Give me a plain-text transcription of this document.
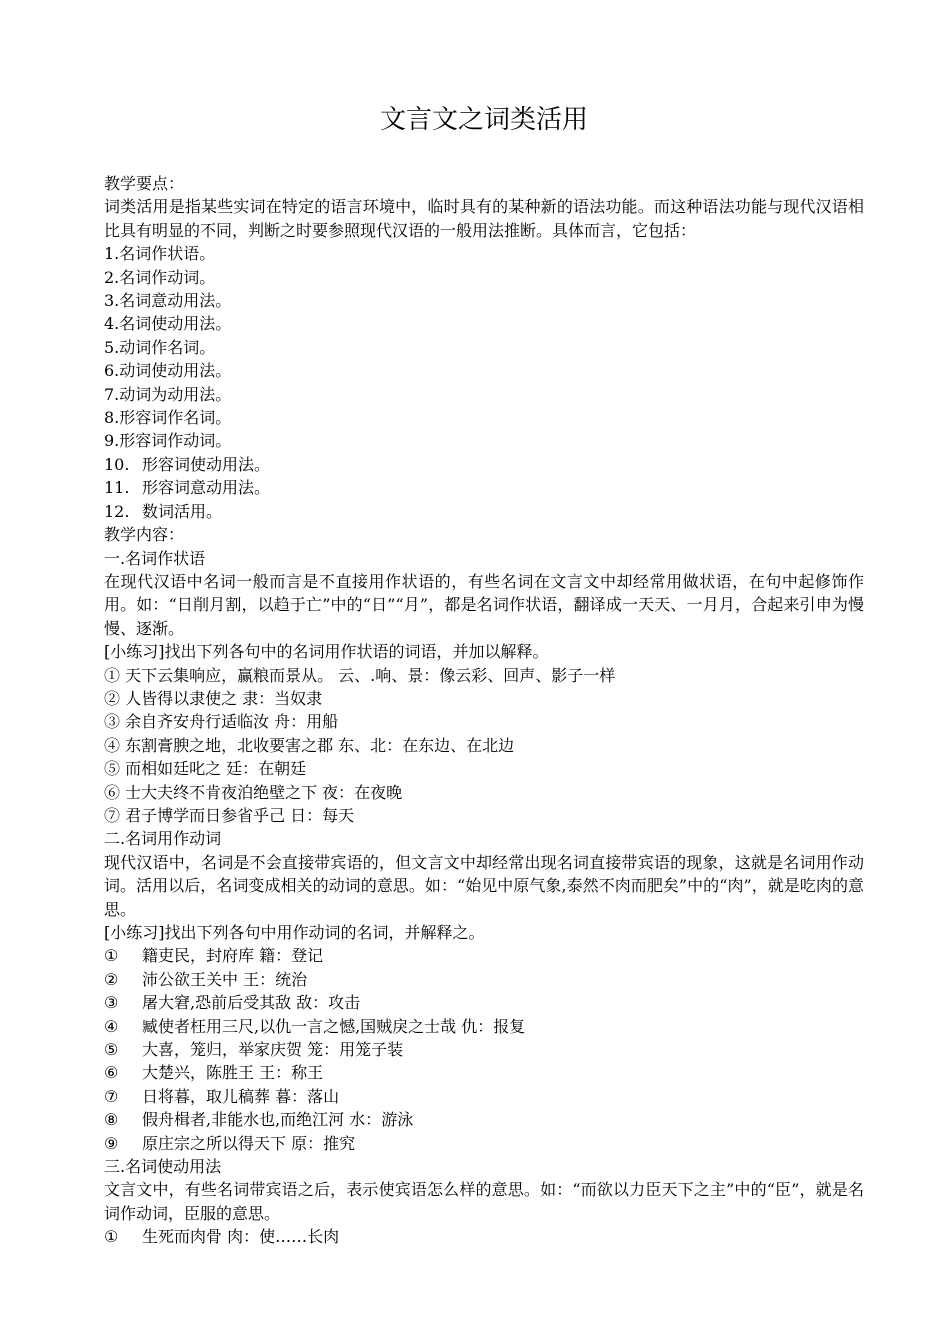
文言文之词类活用

教学要点：

词类活用是指某些实词在特定的语言环境中，临时具有的某种新的语法功能。而这种语法功能与现代汉语相比具有明显的不同，判断之时要参照现代汉语的一般用法推断。具体而言，它包括：

1.名词作状语。

2.名词作动词。

3.名词意动用法。

4.名词使动用法。

5.动词作名词。

6.动词使动用法。

7.动词为动用法。

8.形容词作名词。

9.形容词作动词。

10. 形容词使动用法。

11. 形容词意动用法。

12. 数词活用。

教学内容：

一.名词作状语

在现代汉语中名词一般而言是不直接用作状语的，有些名词在文言文中却经常用做状语，在句中起修饰作用。如：“日削月割，以趋于亡”中的“日”“月”，都是名词作状语，翻译成一天天、一月月，合起来引申为慢慢、逐渐。

[小练习]找出下列各句中的名词用作状语的词语，并加以解释。

① 天下云集响应，赢粮而景从。 云、.响、景：像云彩、回声、影子一样

② 人皆得以隶使之 隶：当奴隶

③ 余自齐安舟行适临汝 舟：用船

④ 东割膏腴之地，北收要害之郡 东、北：在东边、在北边

⑤ 而相如廷叱之 廷：在朝廷

⑥ 士大夫终不肯夜泊绝壁之下 夜：在夜晚

⑦ 君子博学而日参省乎己 日：每天

二.名词用作动词

现代汉语中，名词是不会直接带宾语的，但文言文中却经常出现名词直接带宾语的现象，这就是名词用作动词。活用以后，名词变成相关的动词的意思。如：“始见中原气象,泰然不肉而肥矣”中的“肉”，就是吃肉的意思。

[小练习]找出下列各句中用作动词的名词，并解释之。

① 籍吏民，封府库 籍：登记

② 沛公欲王关中 王：统治

③ 屠大窘,恐前后受其敌 敌：攻击

④ 臧使者枉用三尺,以仇一言之憾,国贼戾之士哉 仇：报复

⑤ 大喜，笼归，举家庆贺 笼：用笼子装

⑥ 大楚兴，陈胜王 王：称王

⑦ 日将暮，取儿稿葬 暮：落山

⑧ 假舟楫者,非能水也,而绝江河 水：游泳

⑨ 原庄宗之所以得天下 原：推究

三.名词使动用法

文言文中，有些名词带宾语之后，表示使宾语怎么样的意思。如：“而欲以力臣天下之主”中的“臣”，就是名词作动词，臣服的意思。

① 生死而肉骨 肉：使……长肉
